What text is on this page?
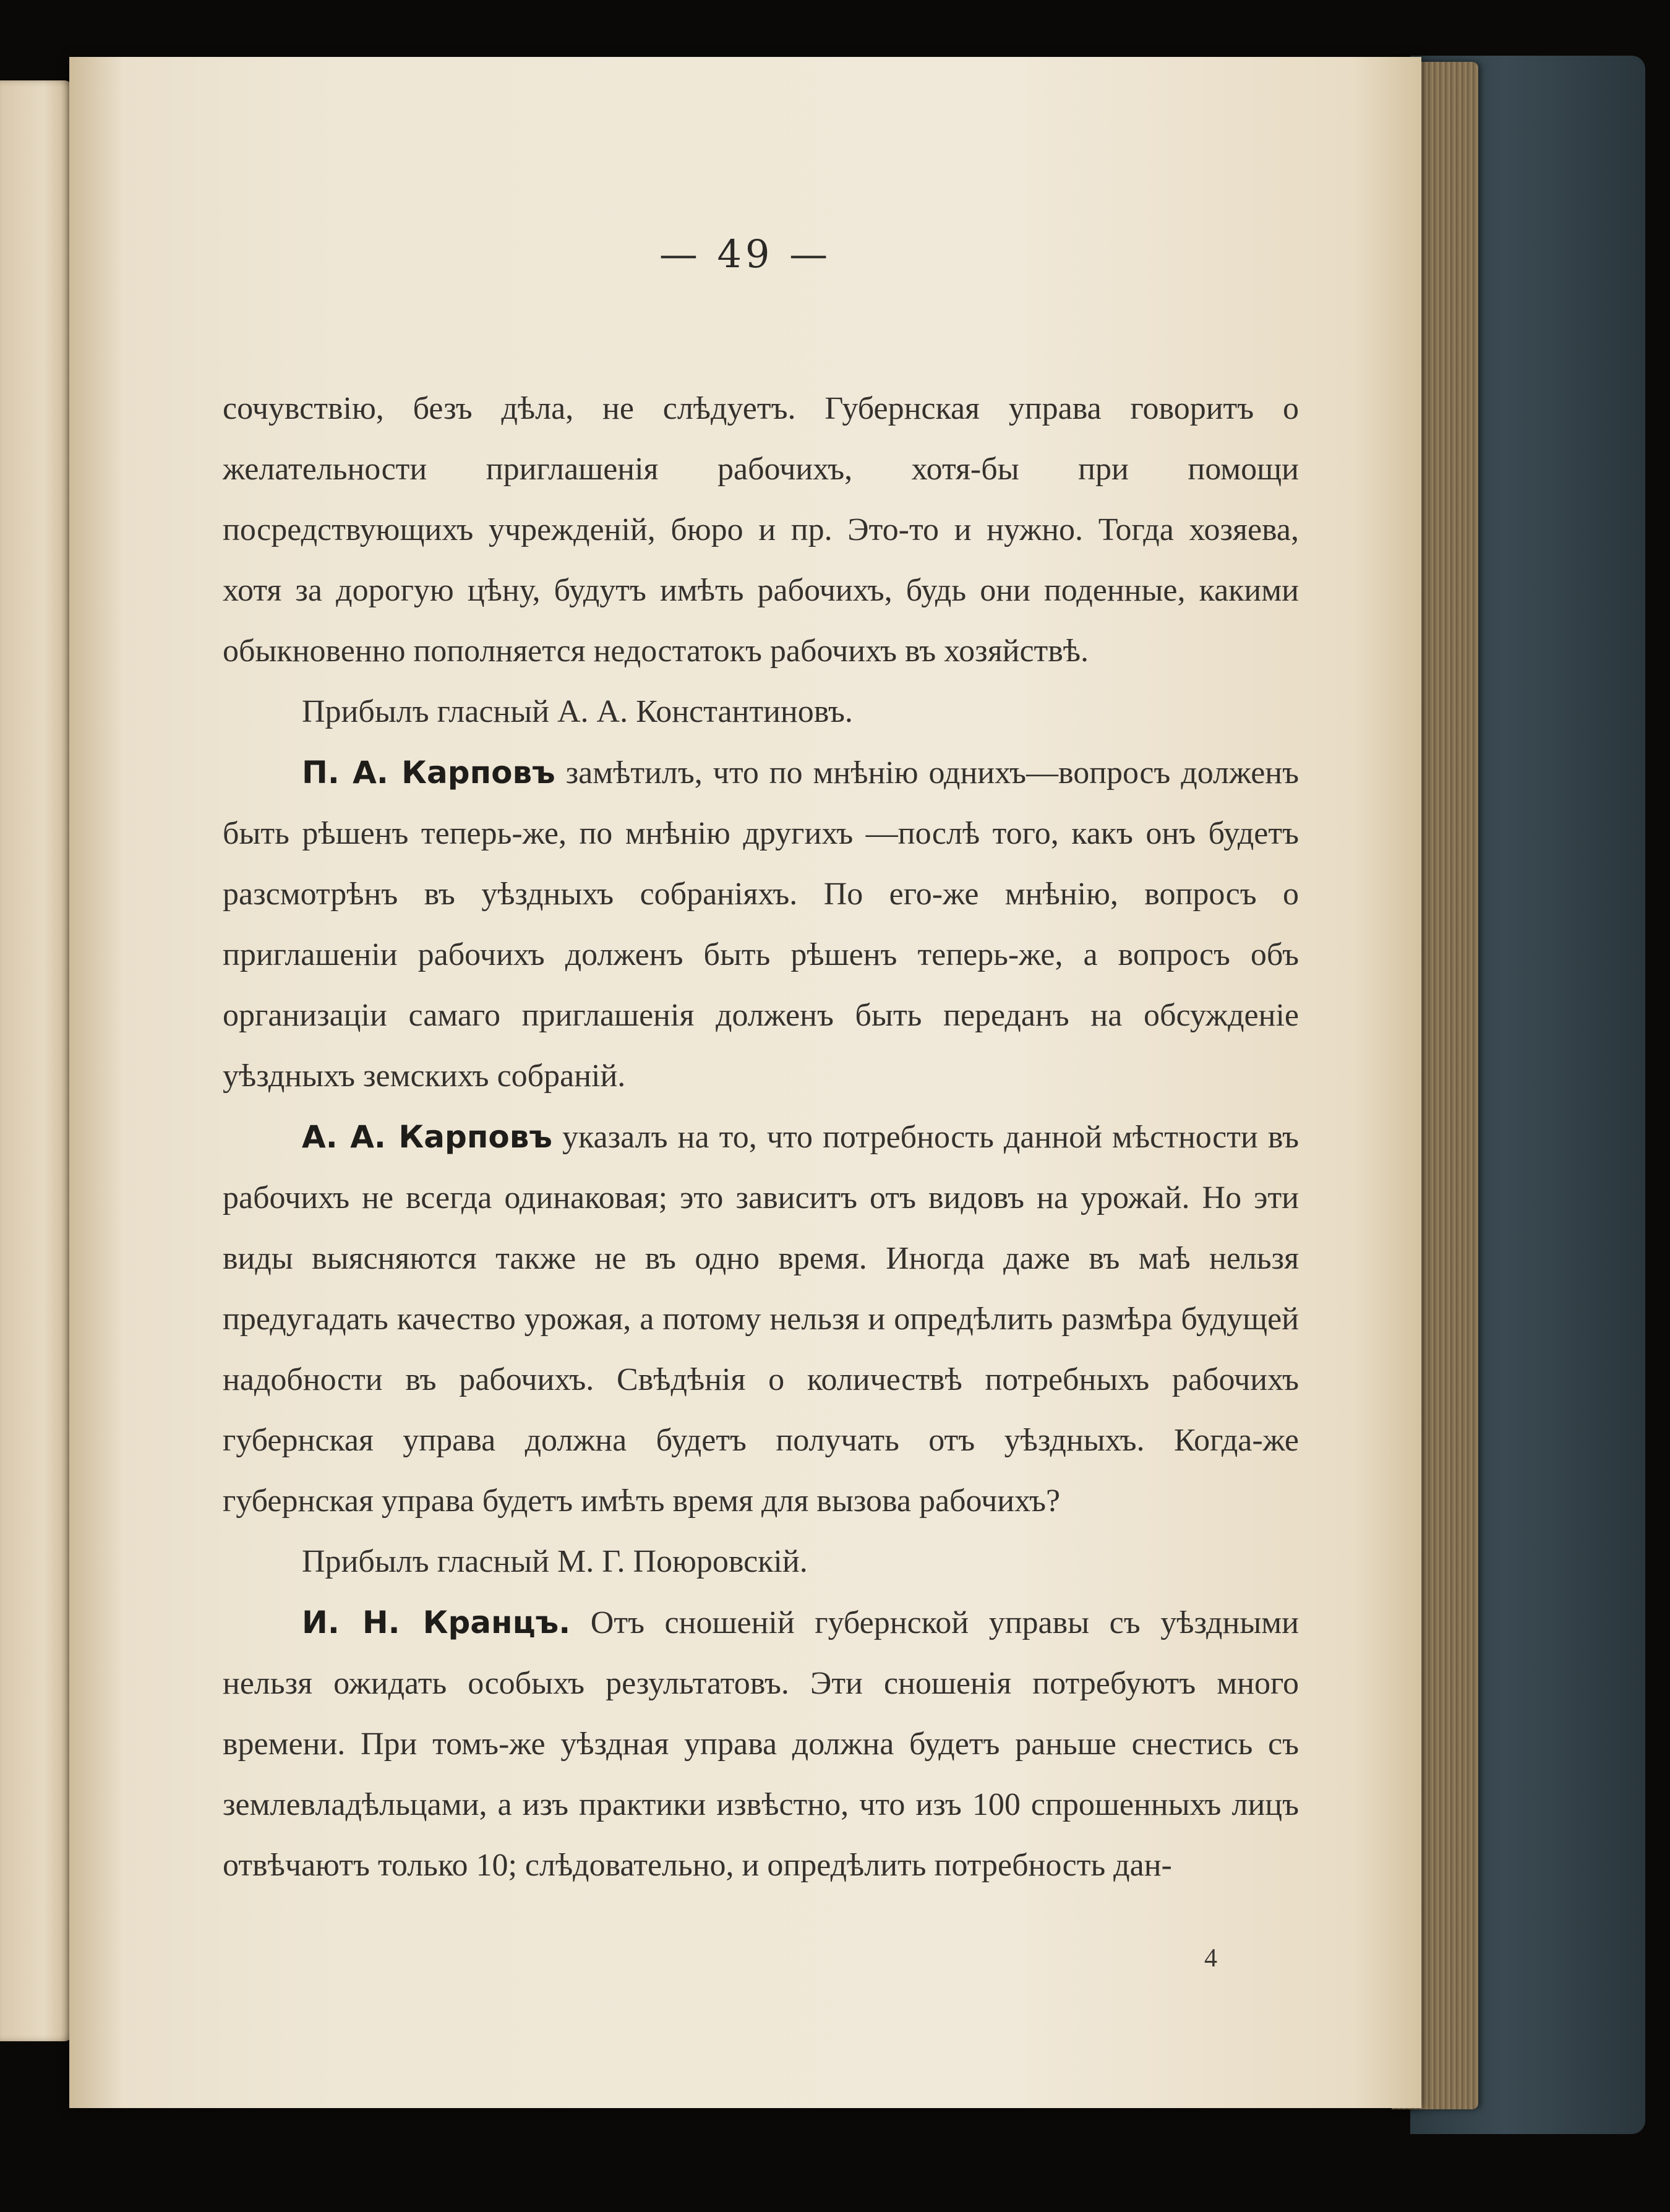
— 49 —

сочувствію, безъ дѣла, не слѣдуетъ. Губернская управа говоритъ о желательности приглашенія рабочихъ, хотя-бы при помощи посредствующихъ учрежденій, бюро и пр. Это-то и нужно. Тогда хозяева, хотя за дорогую цѣну, будутъ имѣть рабочихъ, будь они поденные, какими обыкновенно пополняется недостатокъ рабочихъ въ хозяйствѣ.

Прибылъ гласный А. А. Константиновъ.

П. А. Карповъ замѣтилъ, что по мнѣнію однихъ—вопросъ долженъ быть рѣшенъ теперь-же, по мнѣнію другихъ —послѣ того, какъ онъ будетъ разсмотрѣнъ въ уѣздныхъ собраніяхъ. По его-же мнѣнію, вопросъ о приглашеніи рабочихъ долженъ быть рѣшенъ теперь-же, а вопросъ объ организаціи самаго приглашенія долженъ быть переданъ на обсужденіе уѣздныхъ земскихъ собраній.

А. А. Карповъ указалъ на то, что потребность данной мѣстности въ рабочихъ не всегда одинаковая; это зависитъ отъ видовъ на урожай. Но эти виды выясняются также не въ одно время. Иногда даже въ маѣ нельзя предугадать качество урожая, а потому нельзя и опредѣлить размѣра будущей надобности въ рабочихъ. Свѣдѣнія о количествѣ потребныхъ рабочихъ губернская управа должна будетъ получать отъ уѣздныхъ. Когда-же губернская управа будетъ имѣть время для вызова рабочихъ?

Прибылъ гласный М. Г. Поюровскій.

И. Н. Кранцъ. Отъ сношеній губернской управы съ уѣздными нельзя ожидать особыхъ результатовъ. Эти сношенія потребуютъ много времени. При томъ-же уѣздная управа должна будетъ раньше снестись съ землевладѣльцами, а изъ практики извѣстно, что изъ 100 спрошенныхъ лицъ отвѣчаютъ только 10; слѣдовательно, и опредѣлить потребность дан-

4
